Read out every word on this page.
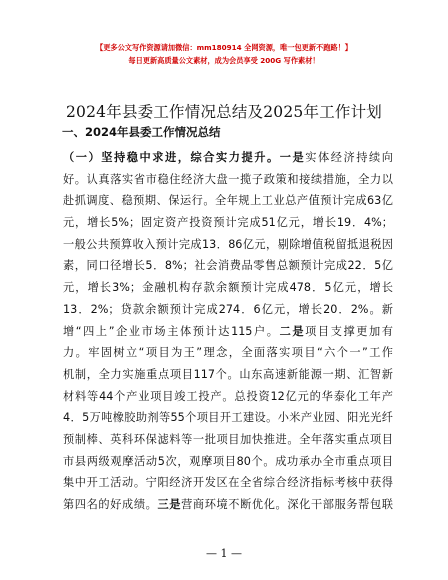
【更多公文写作资源请加微信：mm180914 全网资源，唯一包更新不跑路！】
每日更新高质量公文素材，成为会员享受 200G 写作素材！
2024年县委工作情况总结及2025年工作计划
一、2024年县委工作情况总结
（一）坚持稳中求进，综合实力提升。一是实体经济持续向
好。认真落实省市稳住经济大盘一揽子政策和接续措施，全力以
赴抓调度、稳预期、保运行。全年规上工业总产值预计完成63亿
元，增长5%；固定资产投资预计完成51亿元，增长19．4%；
一般公共预算收入预计完成13．86亿元，剔除增值税留抵退税因
素，同口径增长5．8%；社会消费品零售总额预计完成22．5亿
元，增长3%；金融机构存款余额预计完成478．5亿元，增长
13．2%；贷款余额预计完成274．6亿元，增长20．2%。新
增“四上”企业市场主体预计达115户。二是项目支撑更加有
力。牢固树立“项目为王”理念，全面落实项目“六个一”工作
机制，全力实施重点项目117个。山东高速新能源一期、汇智新
材料等44个产业项目竣工投产。总投资12亿元的华泰化工年产
4．5万吨橡胶助剂等55个项目开工建设。小米产业园、阳光光纤
预制棒、英科环保滤料等一批项目加快推进。全年落实重点项目
市县两级观摩活动5次，观摩项目80个。成功承办全市重点项目
集中开工活动。宁阳经济开发区在全省综合经济指标考核中获得
第四名的好成绩。三是营商环境不断优化。深化干部服务帮包联
— 1 —
